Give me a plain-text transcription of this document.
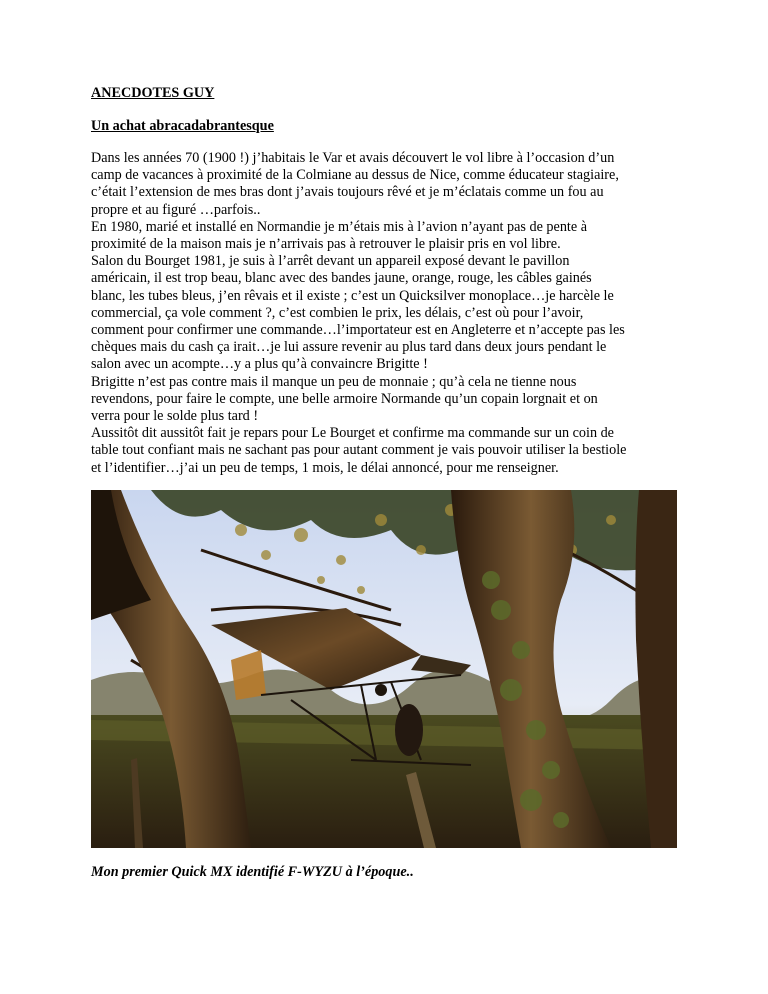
ANECDOTES GUY
Un achat abracadabrantesque

Dans les années 70 (1900 !) j’habitais le Var et avais découvert le vol libre à l’occasion d’un

camp de vacances à proximité de la Colmiane au dessus de Nice, comme éducateur stagiaire,

c’était l’extension de mes bras dont j’avais toujours rêvé et je m’éclatais comme un fou au

propre et au figuré …parfois..

En 1980, marié et installé en Normandie je m’étais mis à l’avion n’ayant pas de pente à

proximité de la maison mais je n’arrivais pas à retrouver le plaisir pris en vol libre.

Salon du Bourget 1981, je suis à l’arrêt devant un appareil exposé devant le pavillon

américain, il est trop beau, blanc avec des bandes jaune, orange, rouge, les câbles gainés

blanc, les tubes bleus, j’en rêvais et il existe ; c’est un Quicksilver monoplace…je harcèle le

commercial, ça vole comment ?, c’est combien le prix, les délais, c’est où pour l’avoir,

comment pour confirmer une commande…l’importateur est en Angleterre et n’accepte pas les

chèques mais du cash ça irait…je lui assure revenir au plus tard dans deux jours pendant le

salon avec un acompte…y a plus qu’à convaincre Brigitte !

Brigitte n’est pas contre mais il manque un peu de monnaie ; qu’à cela ne tienne nous

revendons, pour faire le compte, une belle armoire Normande qu’un copain lorgnait et on

verra pour le solde plus tard !

Aussitôt dit aussitôt fait je repars pour Le Bourget et confirme ma commande sur un coin de

table tout confiant mais ne sachant pas pour autant comment je vais pouvoir utiliser la bestiole

et l’identifier…j’ai un peu de temps, 1 mois, le délai annoncé, pour me renseigner.

Mon premier Quick MX identifié F-WYZU à l’époque..
